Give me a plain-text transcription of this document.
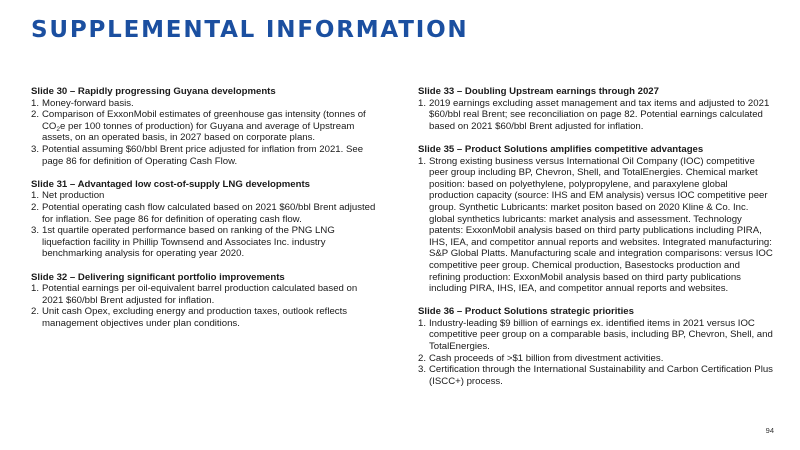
SUPPLEMENTAL INFORMATION
Slide 30 – Rapidly progressing Guyana developments
1. Money-forward basis.
2. Comparison of ExxonMobil estimates of greenhouse gas intensity (tonnes of $CO_2e$ per 100 tonnes of production) for Guyana and average of Upstream assets, on an operated basis, in 2027 based on corporate plans.
3. Potential assuming $60/bbl Brent price adjusted for inflation from 2021. See page 86 for definition of Operating Cash Flow.
Slide 31 – Advantaged low cost-of-supply LNG developments
1. Net production
2. Potential operating cash flow calculated based on 2021 $60/bbl Brent adjusted for inflation. See page 86 for definition of operating cash flow.
3. 1st quartile operated performance based on ranking of the PNG LNG liquefaction facility in Phillip Townsend and Associates Inc. industry benchmarking analysis for operating year 2020.
Slide 32 – Delivering significant portfolio improvements
1. Potential earnings per oil-equivalent barrel production calculated based on 2021 $60/bbl Brent adjusted for inflation.
2. Unit cash Opex, excluding energy and production taxes, outlook reflects management objectives under plan conditions.
Slide 33 – Doubling Upstream earnings through 2027
1. 2019 earnings excluding asset management and tax items and adjusted to 2021 $60/bbl real Brent; see reconciliation on page 82. Potential earnings calculated based on 2021 $60/bbl Brent adjusted for inflation.
Slide 35 – Product Solutions amplifies competitive advantages
1. Strong existing business versus International Oil Company (IOC) competitive peer group including BP, Chevron, Shell, and TotalEnergies. Chemical market position: based on polyethylene, polypropylene, and paraxylene global production capacity (source: IHS and EM analysis) versus IOC competitive peer group. Synthetic Lubricants: market positon based on 2020 Kline & Co. Inc. global synthetics lubricants: market analysis and assessment. Technology patents: ExxonMobil analysis based on third party publications including PIRA, IHS, IEA, and competitor annual reports and websites. Integrated manufacturing: S&P Global Platts. Manufacturing scale and integration comparisons: versus IOC competitive peer group. Chemical production, Basestocks production and refining production: ExxonMobil analysis based on third party publications including PIRA, IHS, IEA, and competitor annual reports and websites.
Slide 36 – Product Solutions strategic priorities
1. Industry-leading $9 billion of earnings ex. identified items in 2021 versus IOC competitive peer group on a comparable basis, including BP, Chevron, Shell, and TotalEnergies.
2. Cash proceeds of >$1 billion from divestment activities.
3. Certification through the International Sustainability and Carbon Certification Plus (ISCC+) process.
94
